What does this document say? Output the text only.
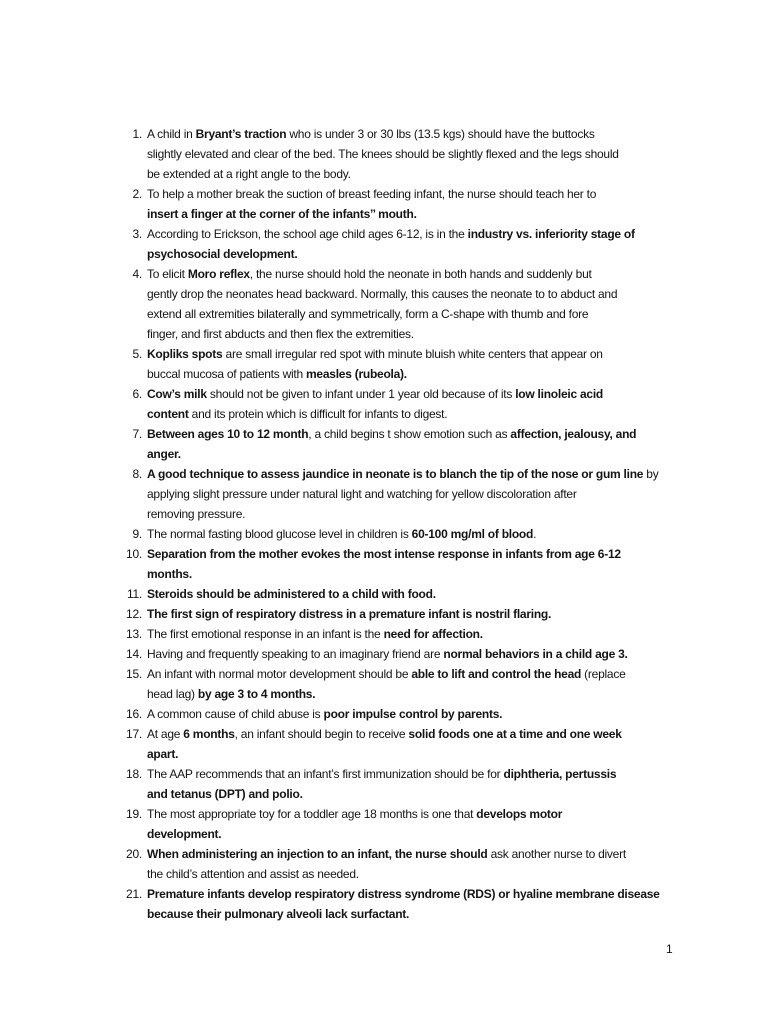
1 . A child in Bryant’s traction who is under 3 or 30 lbs (13.5 kgs) should have the buttocks
slightly elevated and clear of the bed. The knees should be slightly flexed and the legs should
be extended at a right angle to the body.
2 . To help a mother break the suction of breast feeding infant, the nurse should teach her to
insert a finger at the corner of the infants’’ mouth.
3 . According to Erickson, the school age child ages 6-12, is in the industry vs. inferiority stage of
psychosocial development.
4 . To elicit Moro reflex, the nurse should hold the neonate in both hands and suddenly but
gently drop the neonates head backward. Normally, this causes the neonate to to abduct and
extend all extremities bilaterally and symmetrically, form a C-shape with thumb and fore
finger, and first abducts and then flex the extremities.
5 . Kopliks spots are small irregular red spot with minute bluish white centers that appear on
buccal mucosa of patients with measles (rubeola).
6 . Cow’s milk should not be given to infant under 1 year old because of its low linoleic acid
content and its protein which is difficult for infants to digest.
7 . Between ages 10 to 12 month, a child begins t show emotion such as affection, jealousy, and
anger.
8 . A good technique to assess jaundice in neonate is to blanch the tip of the nose or gum line by
applying slight pressure under natural light and watching for yellow discoloration after
removing pressure.
9 . The normal fasting blood glucose level in children is 60-100 mg/ml of blood.
10 . Separation from the mother evokes the most intense response in infants from age 6-12
months.
11 . Steroids should be administered to a child with food.
12 . The first sign of respiratory distress in a premature infant is nostril flaring.
13 . The first emotional response in an infant is the need for affection.
14 . Having and frequently speaking to an imaginary friend are normal behaviors in a child age 3.
15 . An infant with normal motor development should be able to lift and control the head (replace
head lag) by age 3 to 4 months.
16 . A common cause of child abuse is poor impulse control by parents.
17 . At age 6 months, an infant should begin to receive solid foods one at a time and one week
apart.
18 . The AAP recommends that an infant’s first immunization should be for diphtheria, pertussis
and tetanus (DPT) and polio.
19 . The most appropriate toy for a toddler age 18 months is one that develops motor
development.
20 . When administering an injection to an infant, the nurse should ask another nurse to divert
the child’s attention and assist as needed.
21 . Premature infants develop respiratory distress syndrome (RDS) or hyaline membrane disease
because their pulmonary alveoli lack surfactant.
1
